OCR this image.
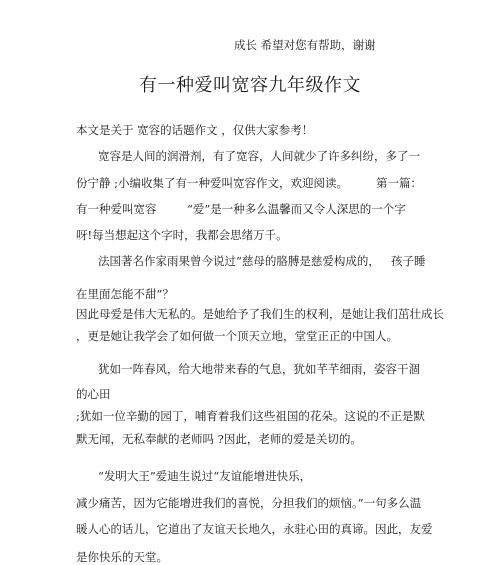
成长 希望对您有帮助，谢谢
有一种爱叫宽容九年级作文
本文是关于 宽容的话题作文 ，仅供大家参考！
宽容是人间的润滑剂，有了宽容，人间就少了许多纠纷，多了一
份宁静 ;小编收集了有一种爱叫宽容作文，欢迎阅读。 第一篇：
有一种爱叫宽容	“爱”是一种多么温馨而又令人深思的一个字
呀!每当想起这个字时，我都会思绪万千。
法国著名作家雨果曾今说过“慈母的胳膊是慈爱构成的， 孩子睡
在里面怎能不甜”？
因此母爱是伟大无私的。是她给予了我们生的权利，是她让我们茁壮成长
，更是她让我学会了如何做一个顶天立地，堂堂正正的中国人。
犹如一阵春风，给大地带来春的气息，犹如芊芊细雨，姿容干涸
的心田
;犹如一位辛勤的园丁，哺育着我们这些祖国的花朵。这说的不正是默
默无闻，无私奉献的老师吗 ?因此，老师的爱是关切的。
“发明大王”爱迪生说过“友谊能增进快乐，
减少痛苦，因为它能增进我们的喜悦，分担我们的烦恼。”一句多么温
暖人心的话儿，它道出了友谊天长地久，永驻心田的真谛。因此，友爱
是你快乐的天堂。
